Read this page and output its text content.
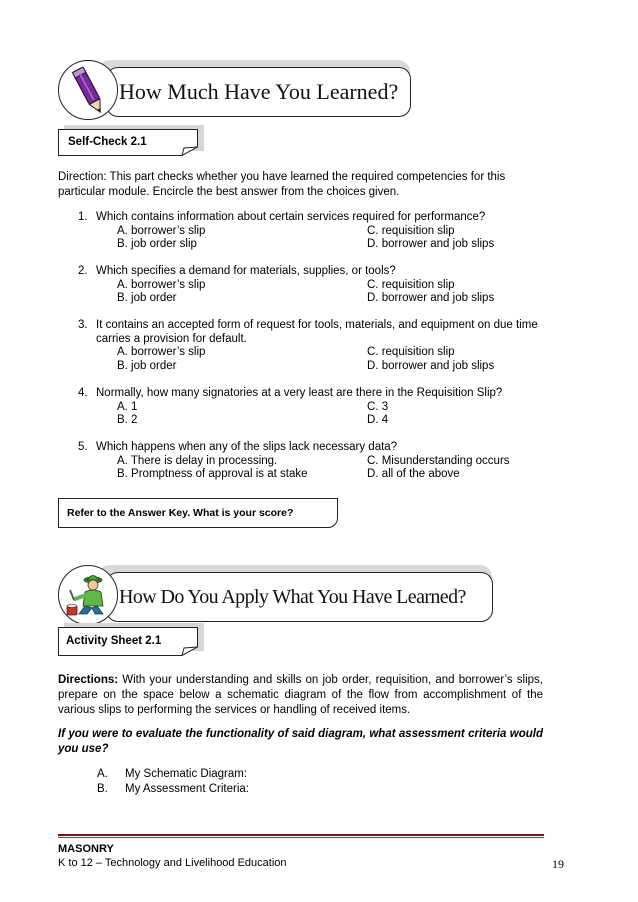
How Much Have You Learned?
Self-Check 2.1
Direction: This part checks whether you have learned the required competencies for this particular module. Encircle the best answer from the choices given.
1. Which contains information about certain services required for performance?
A. borrower’s slip
B. job order slip
C. requisition slip
D. borrower and job slips
2. Which specifies a demand for materials, supplies, or tools?
A. borrower’s slip
B. job order
C. requisition slip
D. borrower and job slips
3. It contains an accepted form of request for tools, materials, and equipment on due time carries a provision for default.
A. borrower’s slip
B. job order
C. requisition slip
D. borrower and job slips
4. Normally, how many signatories at a very least are there in the Requisition Slip?
A. 1
B. 2
C. 3
D. 4
5. Which happens when any of the slips lack necessary data?
A. There is delay in processing.
B. Promptness of approval is at stake
C. Misunderstanding occurs
D. all of the above
Refer to the Answer Key. What is your score?
How Do You Apply What You Have Learned?
Activity Sheet 2.1
Directions: With your understanding and skills on job order, requisition, and borrower’s slips, prepare on the space below a schematic diagram of the flow from accomplishment of the various slips to performing the services or handling of received items.
If you were to evaluate the functionality of said diagram, what assessment criteria would you use?
A. My Schematic Diagram:
B. My Assessment Criteria:
MASONRY
K to 12 – Technology and Livelihood Education	19
